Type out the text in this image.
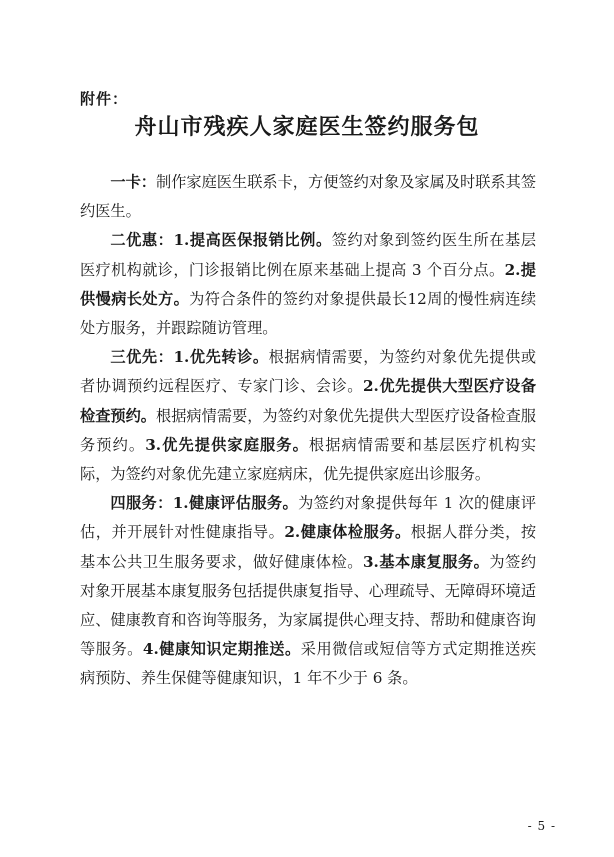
附件：
舟山市残疾人家庭医生签约服务包

一卡：制作家庭医生联系卡，方便签约对象及家属及时联系其签约医生。

二优惠：1.提高医保报销比例。签约对象到签约医生所在基层医疗机构就诊，门诊报销比例在原来基础上提高 3 个百分点。2.提供慢病长处方。为符合条件的签约对象提供最长12周的慢性病连续处方服务，并跟踪随访管理。

三优先：1.优先转诊。根据病情需要，为签约对象优先提供或者协调预约远程医疗、专家门诊、会诊。2.优先提供大型医疗设备检查预约。根据病情需要，为签约对象优先提供大型医疗设备检查服务预约。3.优先提供家庭服务。根据病情需要和基层医疗机构实际，为签约对象优先建立家庭病床，优先提供家庭出诊服务。

四服务：1.健康评估服务。为签约对象提供每年 1 次的健康评估，并开展针对性健康指导。2.健康体检服务。根据人群分类，按基本公共卫生服务要求，做好健康体检。3.基本康复服务。为签约对象开展基本康复服务包括提供康复指导、心理疏导、无障碍环境适应、健康教育和咨询等服务，为家属提供心理支持、帮助和健康咨询等服务。4.健康知识定期推送。采用微信或短信等方式定期推送疾病预防、养生保健等健康知识，1 年不少于 6 条。

- 5 -
